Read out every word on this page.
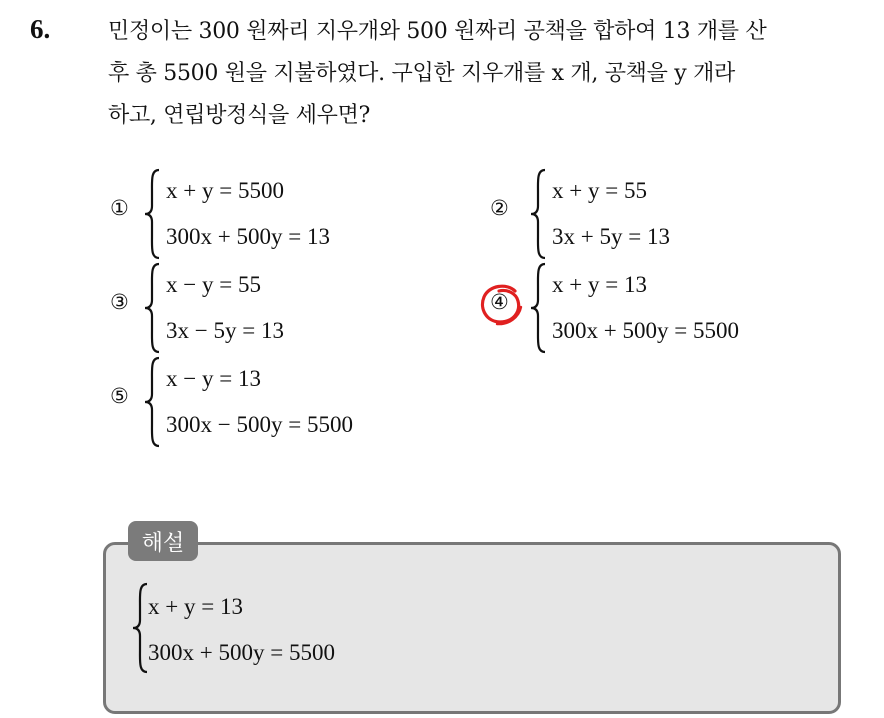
6.	민정이는 300 원짜리 지우개와 500 원짜리 공책을 합하여 13 개를 산
후 총 5500 원을 지불하였다. 구입한 지우개를 x 개, 공책을 y 개라
하고, 연립방정식을 세우면?
①
x + y = 5500
300x + 500y = 13
②
x + y = 55
3x + 5y = 13
③
x − y = 55
3x − 5y = 13
④
x + y = 13
300x + 500y = 5500
⑤
x − y = 13
300x − 500y = 5500
해설
x + y = 13
300x + 500y = 5500
